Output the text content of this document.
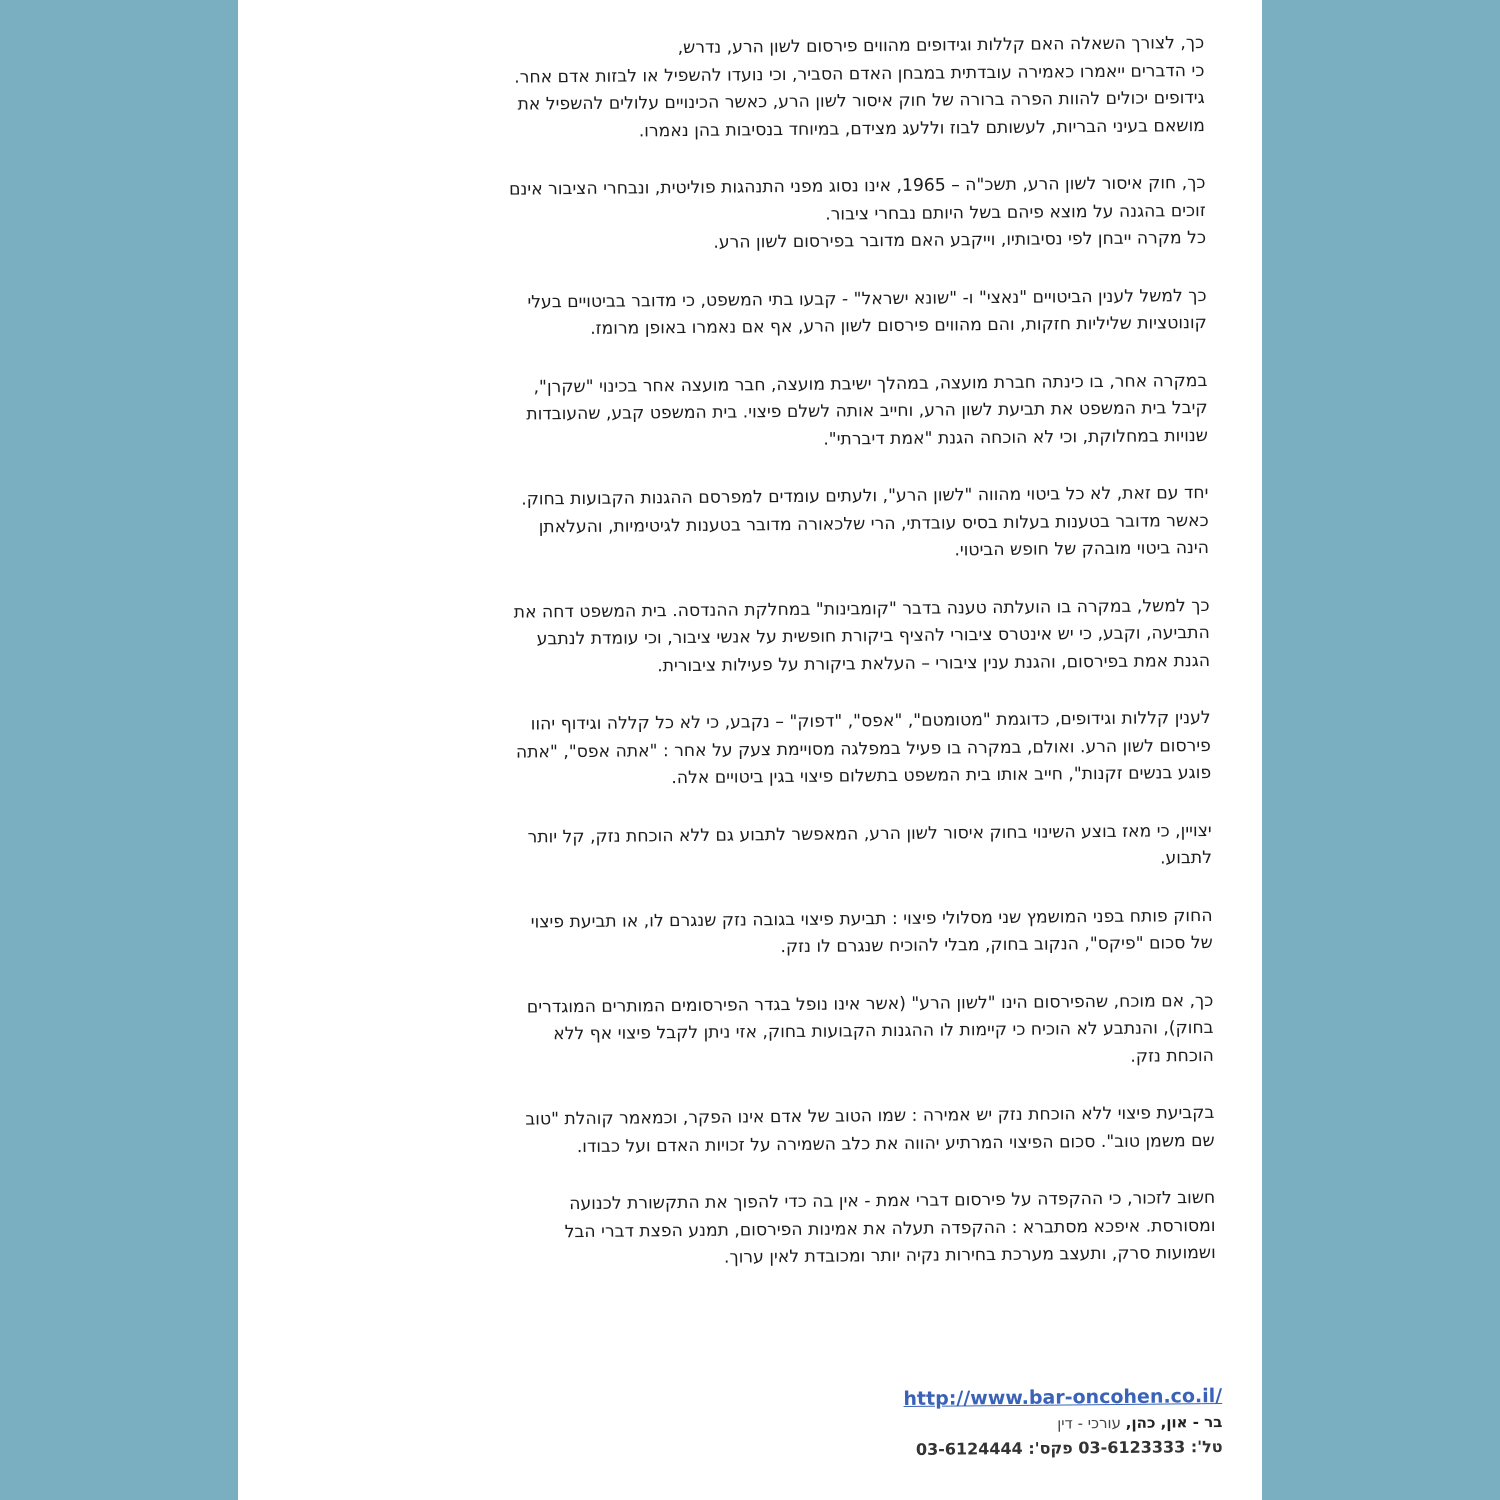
כך, לצורך השאלה האם קללות וגידופים מהווים פירסום לשון הרע, נדרש,
כי הדברים ייאמרו כאמירה עובדתית במבחן האדם הסביר, וכי נועדו להשפיל או לבזות אדם אחר.
גידופים יכולים להוות הפרה ברורה של חוק איסור לשון הרע, כאשר הכינויים עלולים להשפיל את
מושאם בעיני הבריות, לעשותם לבוז וללעג מצידם, במיוחד בנסיבות בהן נאמרו.
כך, חוק איסור לשון הרע, תשכ"ה – 1965, אינו נסוג מפני התנהגות פוליטית, ונבחרי הציבור אינם
זוכים בהגנה על מוצא פיהם בשל היותם נבחרי ציבור.
כל מקרה ייבחן לפי נסיבותיו, וייקבע האם מדובר בפירסום לשון הרע.
כך למשל לענין הביטויים "נאצי" ו- "שונא ישראל" - קבעו בתי המשפט, כי מדובר בביטויים בעלי
קונוטציות שליליות חזקות, והם מהווים פירסום לשון הרע, אף אם נאמרו באופן מרומז.
במקרה אחר, בו כינתה חברת מועצה, במהלך ישיבת מועצה, חבר מועצה אחר בכינוי "שקרן",
קיבל בית המשפט את תביעת לשון הרע, וחייב אותה לשלם פיצוי. בית המשפט קבע, שהעובדות
שנויות במחלוקת, וכי לא הוכחה הגנת "אמת דיברתי".
יחד עם זאת, לא כל ביטוי מהווה "לשון הרע", ולעתים עומדים למפרסם ההגנות הקבועות בחוק.
כאשר מדובר בטענות בעלות בסיס עובדתי, הרי שלכאורה מדובר בטענות לגיטימיות, והעלאתן
הינה ביטוי מובהק של חופש הביטוי.
כך למשל, במקרה בו הועלתה טענה בדבר "קומבינות" במחלקת ההנדסה. בית המשפט דחה את
התביעה, וקבע, כי יש אינטרס ציבורי להציף ביקורת חופשית על אנשי ציבור, וכי עומדת לנתבע
הגנת אמת בפירסום, והגנת ענין ציבורי – העלאת ביקורת על פעילות ציבורית.
לענין קללות וגידופים, כדוגמת "מטומטם", "אפס", "דפוק" – נקבע, כי לא כל קללה וגידוף יהוו
פירסום לשון הרע. ואולם, במקרה בו פעיל במפלגה מסויימת צעק על אחר : "אתה אפס", "אתה
פוגע בנשים זקנות", חייב אותו בית המשפט בתשלום פיצוי בגין ביטויים אלה.
יצויין, כי מאז בוצע השינוי בחוק איסור לשון הרע, המאפשר לתבוע גם ללא הוכחת נזק, קל יותר
לתבוע.
החוק פותח בפני המושמץ שני מסלולי פיצוי : תביעת פיצוי בגובה נזק שנגרם לו, או תביעת פיצוי
של סכום "פיקס", הנקוב בחוק, מבלי להוכיח שנגרם לו נזק.
כך, אם מוכח, שהפירסום הינו "לשון הרע" (אשר אינו נופל בגדר הפירסומים המותרים המוגדרים
בחוק), והנתבע לא הוכיח כי קיימות לו ההגנות הקבועות בחוק, אזי ניתן לקבל פיצוי אף ללא
הוכחת נזק.
בקביעת פיצוי ללא הוכחת נזק יש אמירה : שמו הטוב של אדם אינו הפקר, וכמאמר קוהלת "טוב
שם משמן טוב". סכום הפיצוי המרתיע יהווה את כלב השמירה על זכויות האדם ועל כבודו.
חשוב לזכור, כי ההקפדה על פירסום דברי אמת - אין בה כדי להפוך את התקשורת לכנועה
ומסורסת. איפכא מסתברא : ההקפדה תעלה את אמינות הפירסום, תמנע הפצת דברי הבל
ושמועות סרק, ותעצב מערכת בחירות נקיה יותר ומכובדת לאין ערוך.
http://www.bar-oncohen.co.il/
בר - און, כהן, עורכי - דין
טל': 03-6123333 פקס': 03-6124444
